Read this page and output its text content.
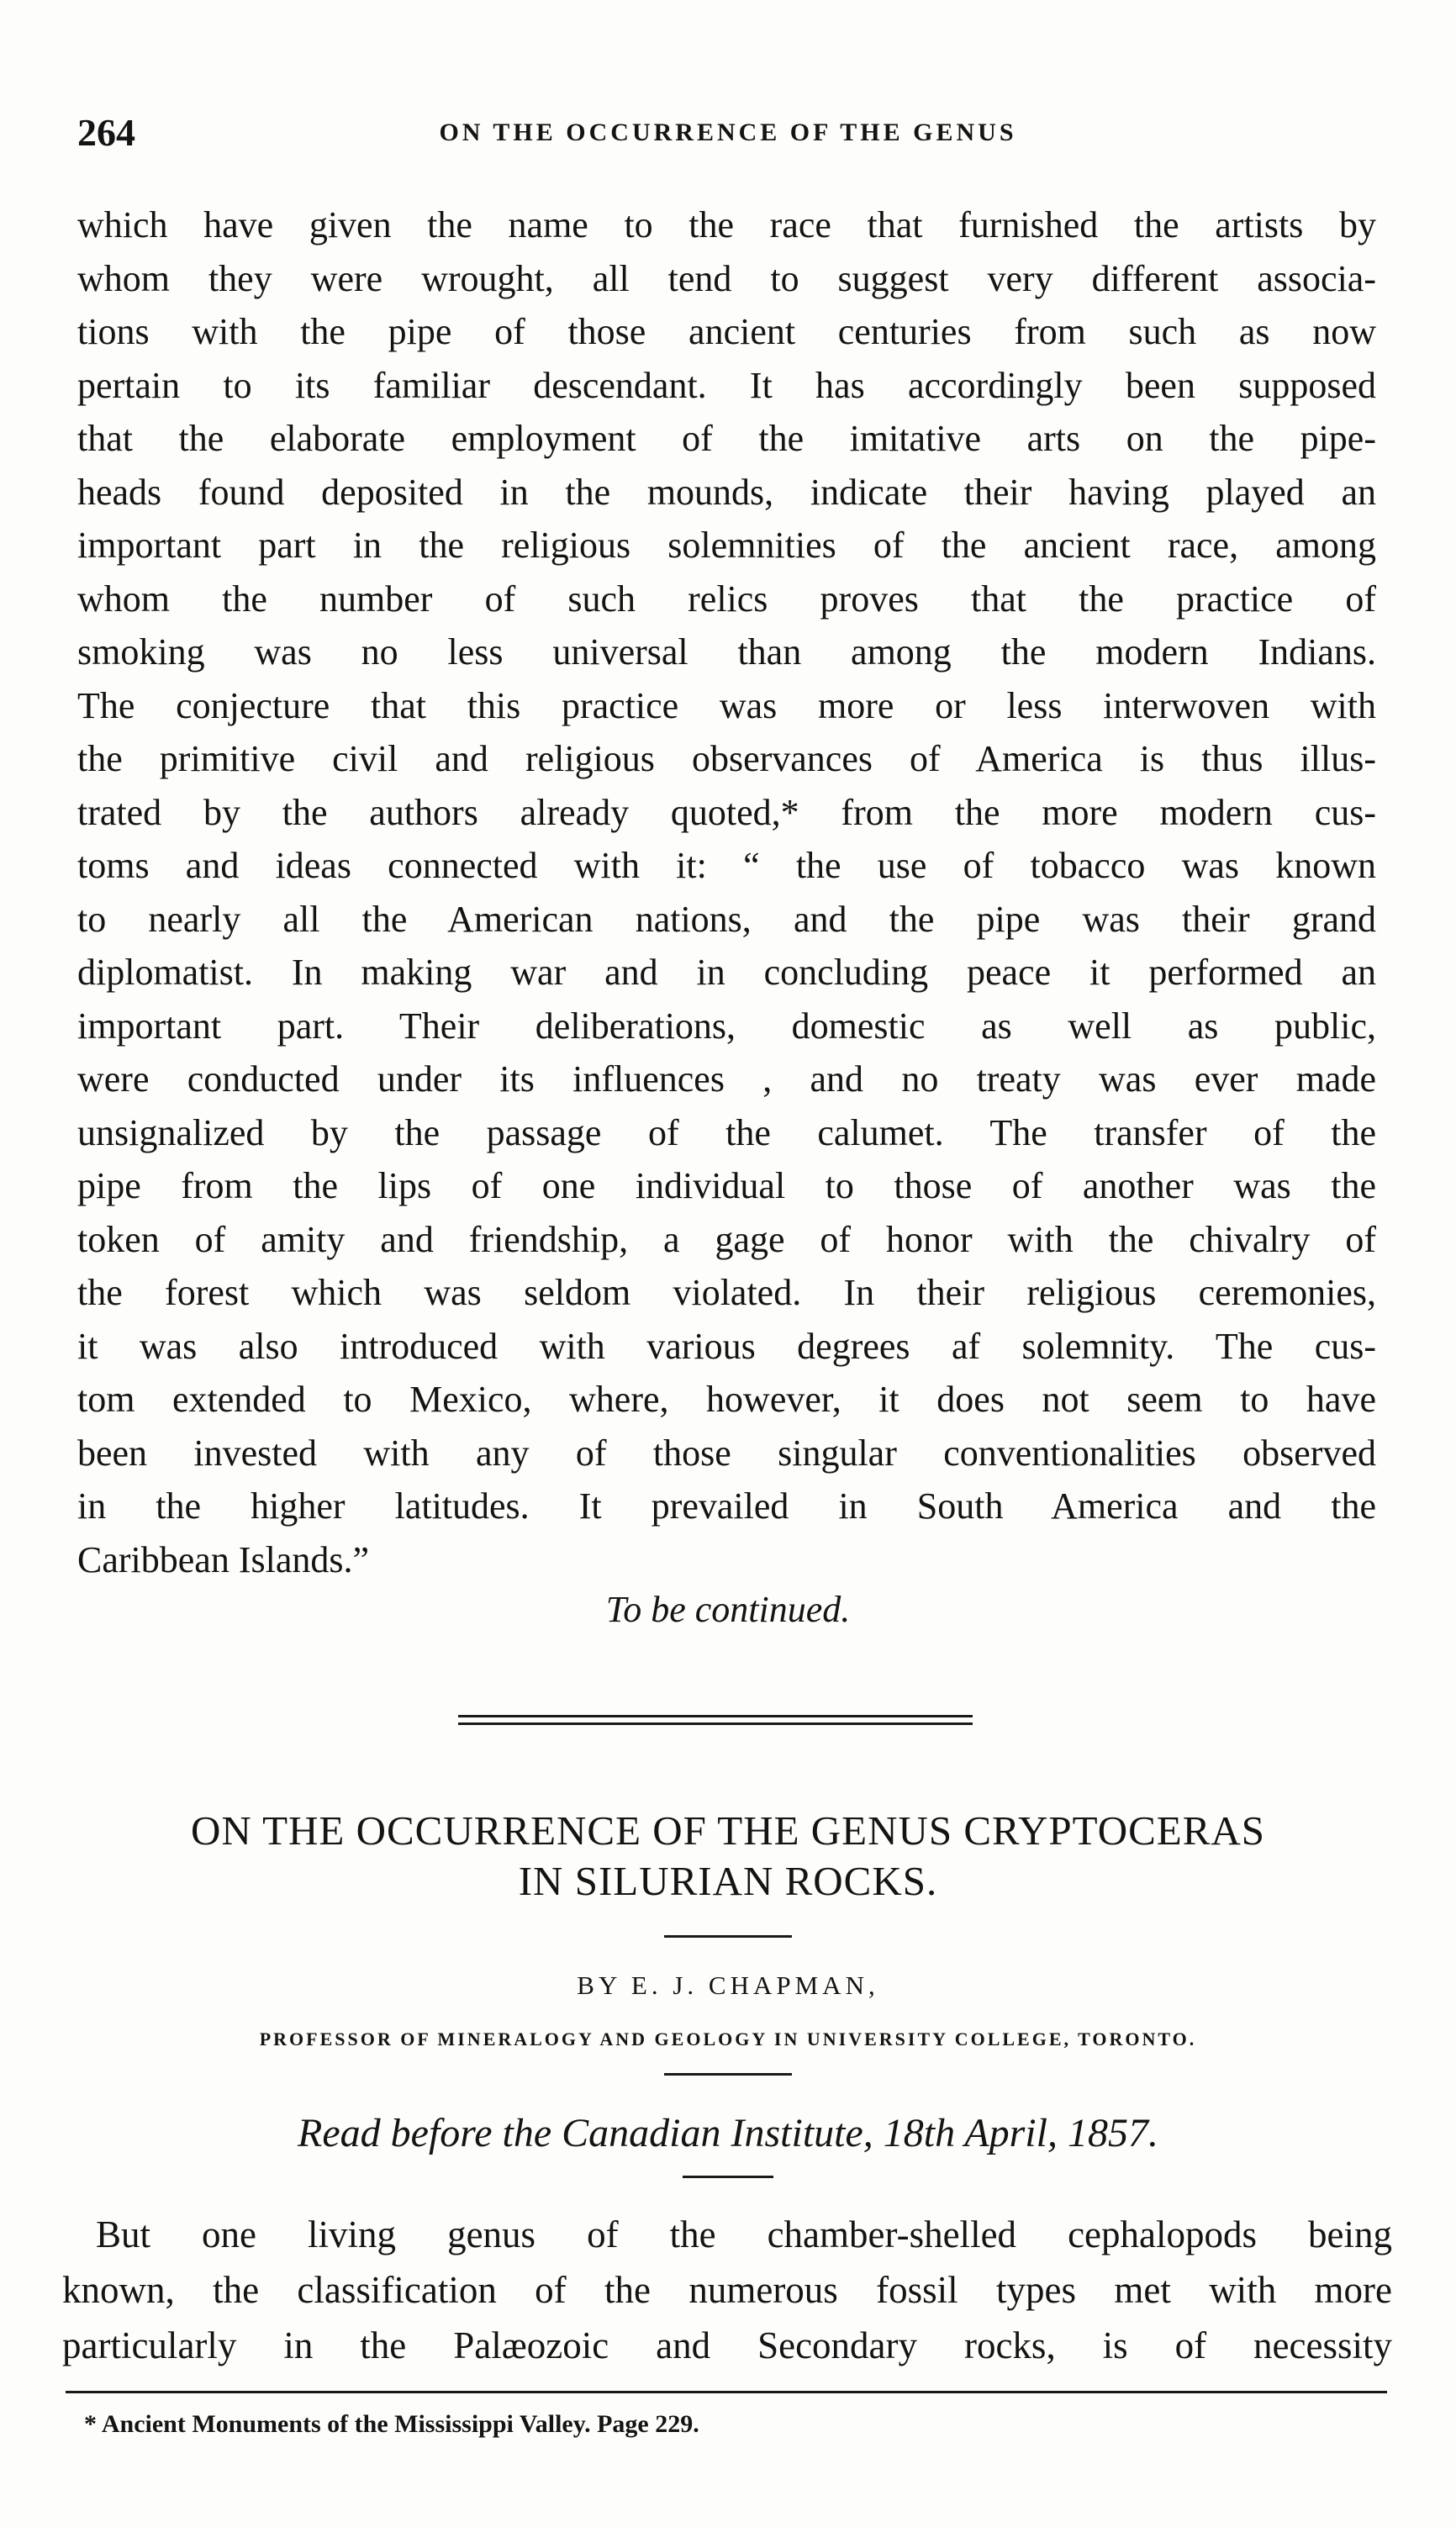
264	ON THE OCCURRENCE OF THE GENUS
which have given the name to the race that furnished the artists by
whom they were wrought, all tend to suggest very different associa-
tions with the pipe of those ancient centuries from such as now
pertain to its familiar descendant. It has accordingly been supposed
that the elaborate employment of the imitative arts on the pipe-
heads found deposited in the mounds, indicate their having played an
important part in the religious solemnities of the ancient race, among
whom the number of such relics proves that the practice of
smoking was no less universal than among the modern Indians.
The conjecture that this practice was more or less interwoven with
the primitive civil and religious observances of America is thus illus-
trated by the authors already quoted,* from the more modern cus-
toms and ideas connected with it: “ the use of tobacco was known
to nearly all the American nations, and the pipe was their grand
diplomatist. In making war and in concluding peace it performed an
important part. Their deliberations, domestic as well as public,
were conducted under its influences , and no treaty was ever made
unsignalized by the passage of the calumet. The transfer of the
pipe from the lips of one individual to those of another was the
token of amity and friendship, a gage of honor with the chivalry of
the forest which was seldom violated. In their religious ceremonies,
it was also introduced with various degrees af solemnity. The cus-
tom extended to Mexico, where, however, it does not seem to have
been invested with any of those singular conventionalities observed
in the higher latitudes. It prevailed in South America and the
Caribbean Islands.”
To be continued.
ON THE OCCURRENCE OF THE GENUS CRYPTOCERAS
IN SILURIAN ROCKS.
BY E. J. CHAPMAN,
PROFESSOR OF MINERALOGY AND GEOLOGY IN UNIVERSITY COLLEGE, TORONTO.
Read before the Canadian Institute, 18th April, 1857.
But one living genus of the chamber-shelled cephalopods being
known, the classification of the numerous fossil types met with more
particularly in the Palæozoic and Secondary rocks, is of necessity
* Ancient Monuments of the Mississippi Valley. Page 229.
